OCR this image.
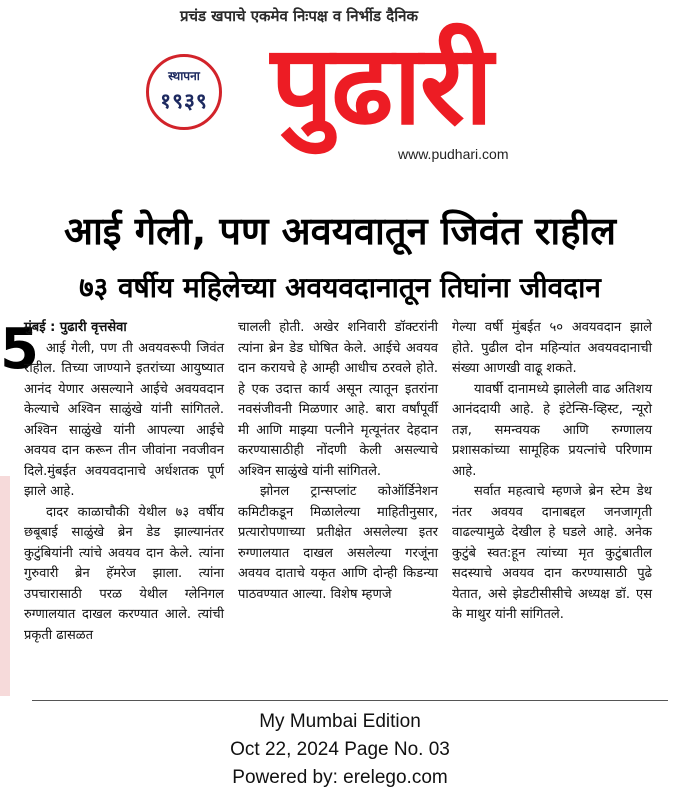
प्रचंड खपाचे एकमेव निःपक्ष व निर्भीड दैनिक
स्थापना
१९३९ पुढारी
www.pudhari.com
आई गेली, पण अवयवातून जिवंत राहील
७३ वर्षीय महिलेच्या अवयवदानातून तिघांना जीवदान
5
मुंबई : पुढारी वृत्तसेवा

आई गेली, पण ती अवयवरूपी जिवंत राहील. तिच्या जाण्याने इतरांच्या आयुष्यात आनंद येणार असल्याने आईचे अवयवदान केल्याचे अश्विन साळुंखे यांनी सांगितले. अश्विन साळुंखे यांनी आपल्या आईचे अवयव दान करून तीन जीवांना नवजीवन दिले.मुंबईत अवयवदानाचे अर्धशतक पूर्ण झाले आहे.

दादर काळाचौकी येथील ७३ वर्षीय छबूबाई साळुंखे ब्रेन डेड झाल्यानंतर कुटुंबियांनी त्यांचे अवयव दान केले. त्यांना गुरुवारी ब्रेन हॅमरेज झाला. त्यांना उपचारासाठी परळ येथील ग्लेनिगल रुग्णालयात दाखल करण्यात आले. त्यांची प्रकृती ढासळत

चालली होती. अखेर शनिवारी डॉक्टरांनी त्यांना ब्रेन डेड घोषित केले. आईचे अवयव दान करायचे हे आम्ही आधीच ठरवले होते. हे एक उदात्त कार्य असून त्यातून इतरांना नवसंजीवनी मिळणार आहे. बारा वर्षांपूर्वी मी आणि माझ्या पत्नीने मृत्यूनंतर देहदान करण्यासाठीही नोंदणी केली असल्याचे अश्विन साळुंखे यांनी सांगितले.

झोनल ट्रान्सप्लांट कोऑर्डिनेशन कमिटीकडून मिळालेल्या माहितीनुसार, प्रत्यारोपणाच्या प्रतीक्षेत असलेल्या इतर रुग्णालयात दाखल असलेल्या गरजूंना अवयव दाताचे यकृत आणि दोन्ही किडन्या पाठवण्यात आल्या. विशेष म्हणजे

गेल्या वर्षी मुंबईत ५० अवयवदान झाले होते. पुढील दोन महिन्यांत अवयवदानाची संख्या आणखी वाढू शकते.

यावर्षी दानामध्ये झालेली वाढ अतिशय आनंददायी आहे. हे इंटेन्सि-व्हिस्ट, न्यूरो तज्ञ, समन्वयक आणि रुग्णालय प्रशासकांच्या सामूहिक प्रयत्नांचे परिणाम आहे.

सर्वात महत्वाचे म्हणजे ब्रेन स्टेम डेथ नंतर अवयव दानाबद्दल जनजागृती वाढल्यामुळे देखील हे घडले आहे. अनेक कुटुंबे स्वत:हून त्यांच्या मृत कुटुंबातील सदस्याचे अवयव दान करण्यासाठी पुढे येतात, असे झेडटीसीसीचे अध्यक्ष डॉ. एस के माथुर यांनी सांगितले.

My Mumbai Edition
Oct 22, 2024 Page No. 03
Powered by: erelego.com
